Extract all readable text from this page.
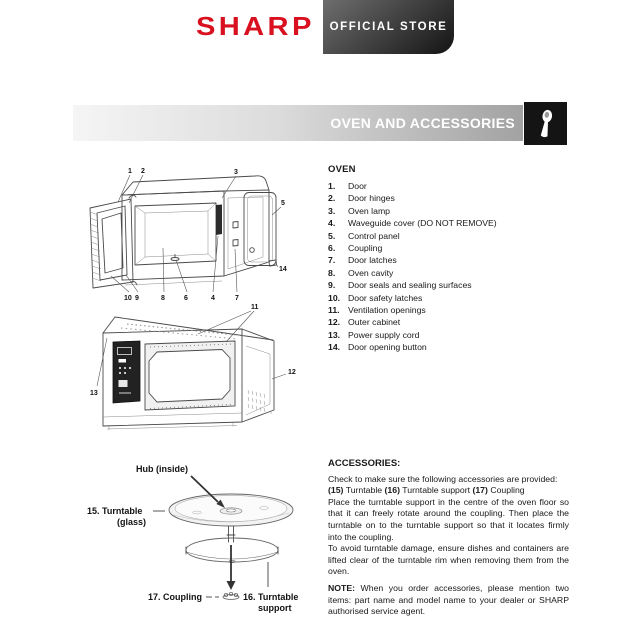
SHARP OFFICIAL STORE
OVEN AND ACCESSORIES
1 2	3
5
14
10 9	8	6	4	7
11
13
12
Hub (inside)
15. Turntable
(glass)
17. Coupling	16. Turntable
support
OVEN
1.	Door
2.	Door hinges
3.	Oven lamp
4.	Waveguide cover (DO NOT REMOVE)
5.	Control panel
6.	Coupling
7.	Door latches
8.	Oven cavity
9.	Door seals and sealing surfaces
10. Door safety latches
11. Ventilation openings
12. Outer cabinet
13. Power supply cord
14. Door opening button
ACCESSORIES:

Check to make sure the following accessories are provided:

(15) Turntable (16) Turntable support (17) Coupling

Place the turntable support in the centre of the oven floor so that it can freely rotate around the coupling. Then place the turntable on to the turntable support so that it locates firmly into the coupling.

To avoid turntable damage, ensure dishes and containers are lifted clear of the turntable rim when removing them from the oven.

NOTE: When you order accessories, please mention two items: part name and model name to your dealer or SHARP authorised service agent.
